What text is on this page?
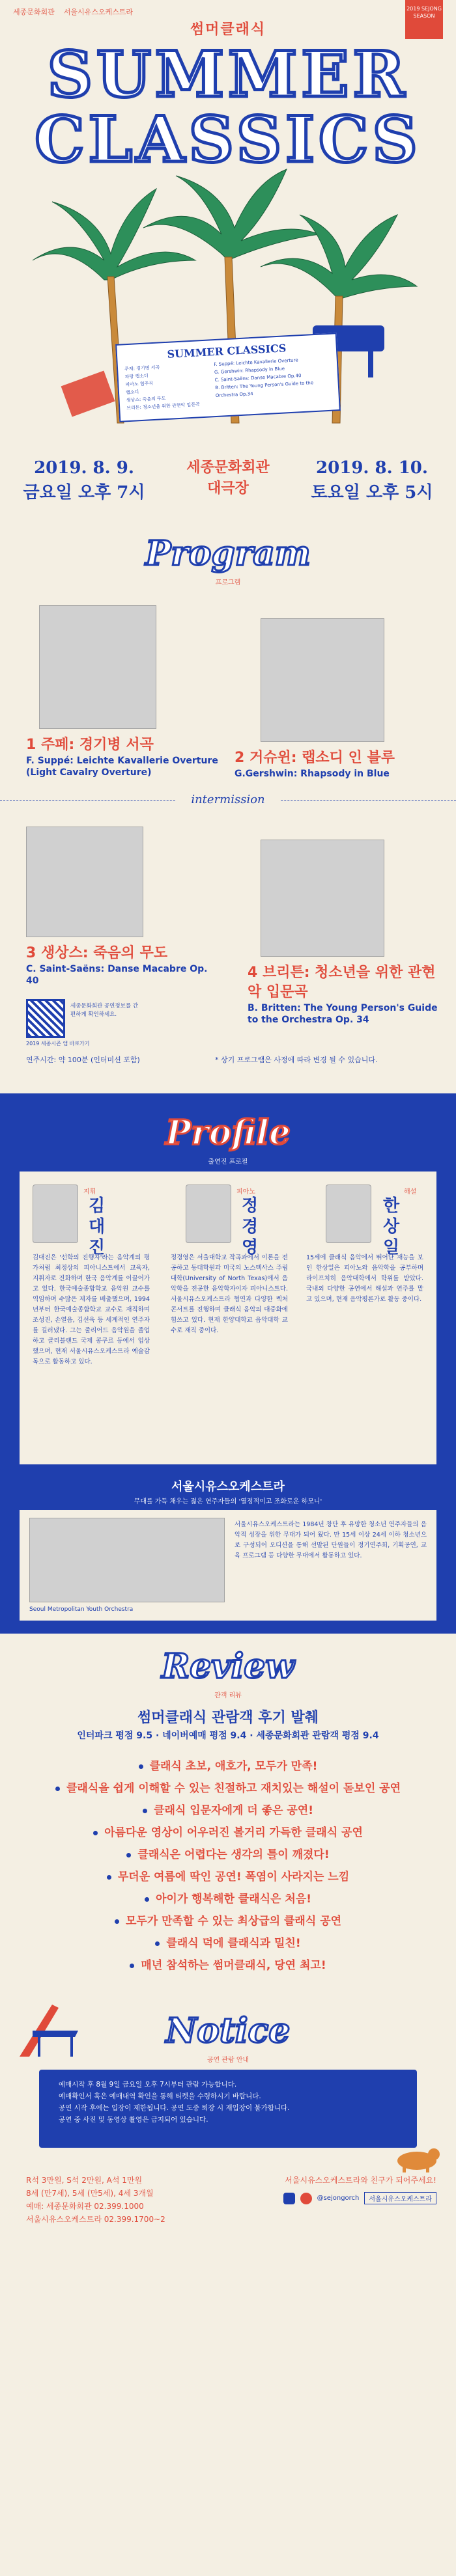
세종문화회관 서울시유스오케스트라	2019 SEJONG SEASON
썸머클래식
SUMMER
CLASSICS
SUMMER CLASSICS
주제: 경기병 서곡
파랑 랩소디
피아노 협주곡
랩소디
생상스: 죽음의 무도
브리튼: 청소년을 위한 관현악 입문곡
F. Suppé: Leichte Kavallerie Overture
G. Gershwin: Rhapsody in Blue
C. Saint-Saëns: Danse Macabre Op.40
B. Britten: The Young Person's Guide to the Orchestra Op.34
2019. 8. 9.
금요일 오후 7시
세종문화회관
대극장
2019. 8. 10.
토요일 오후 5시
Program
프로그램
1 주페: 경기병 서곡
F. Suppé: Leichte Kavallerie Overture (Light Cavalry Overture)
2 거슈윈: 랩소디 인 블루
G.Gershwin: Rhapsody in Blue
intermission
3 생상스: 죽음의 무도
C. Saint-Saëns: Danse Macabre Op. 40	4 브리튼: 청소년을 위한 관현악 입문곡
B. Britten: The Young Person's Guide to the Orchestra Op. 34
세종문화회관 공연정보를 간편하게 확인하세요.
2019 세종시즌 앱 바로가기
연주시간: 약 100분 (인터미션 포함)	* 상기 프로그램은 사정에 따라 변경 될 수 있습니다.
Profile
출연진 프로필
지휘
김대진
김대진은 '선학의 진행자'라는 음악계의 평가처럼 최정상의 피아니스트에서 교육자, 지휘자로 진화하며 한국 음악계를 이끌어가고 있다. 한국예술종합학교 음악원 교수를 역임하며 수많은 제자를 배출했으며, 1994년부터 한국예술종합학교 교수로 재직하며 조성진, 손열음, 김선욱 등 세계적인 연주자를 길러냈다. 그는 줄리어드 음악원을 졸업하고 클리블랜드 국제 콩쿠르 등에서 입상했으며, 현재 서울시유스오케스트라 예술감독으로 활동하고 있다.
피아노
정경영
정경영은 서울대학교 작곡과에서 이론을 전공하고 동대학원과 미국의 노스텍사스 주립대학(University of North Texas)에서 음악학을 전공한 음악학자이자 피아니스트다. 서울시유스오케스트라 협연과 다양한 렉처 콘서트를 진행하며 클래식 음악의 대중화에 힘쓰고 있다. 현재 한양대학교 음악대학 교수로 재직 중이다.
해설
한상일
15세에 클래식 음악에서 뛰어난 재능을 보인 한상일은 피아노와 음악학을 공부하며 라이프치히 음악대학에서 학위를 받았다. 국내외 다양한 공연에서 해설과 연주를 맡고 있으며, 현재 음악평론가로 활동 중이다.
서울시유스오케스트라
무대를 가득 채우는 젊은 연주자들의 '열정적이고 조화로운 하모니'
Seoul Metropolitan Youth Orchestra
서울시유스오케스트라는 1984년 창단 후 유망한 청소년 연주자들의 음악적 성장을 위한 무대가 되어 왔다. 만 15세 이상 24세 이하 청소년으로 구성되어 오디션을 통해 선발된 단원들이 정기연주회, 기획공연, 교육 프로그램 등 다양한 무대에서 활동하고 있다.
Review
관객 리뷰
썸머클래식 관람객 후기 발췌
인터파크 평점 9.5 · 네이버예매 평점 9.4 · 세종문화회관 관람객 평점 9.4
클래식 초보, 애호가, 모두가 만족!
클래식을 쉽게 이해할 수 있는 친절하고 재치있는 해설이 돋보인 공연
클래식 입문자에게 더 좋은 공연!
아름다운 영상이 어우러진 볼거리 가득한 클래식 공연
클래식은 어렵다는 생각의 틀이 깨졌다!
무더운 여름에 딱인 공연! 폭염이 사라지는 느낌
아이가 행복해한 클래식은 처음!
모두가 만족할 수 있는 최상급의 클래식 공연
클래식 덕에 클래식과 밀친!
매년 참석하는 썸머클래식, 당연 최고!
Notice
공연 관람 안내
예매시작 후 8월 9일 금요일 오후 7시부터 관람 가능합니다.
예매확인서 혹은 예매내역 확인을 통해 티켓을 수령하시기 바랍니다.
공연 시작 후에는 입장이 제한됩니다. 공연 도중 퇴장 시 재입장이 불가합니다.
공연 중 사진 및 동영상 촬영은 금지되어 있습니다.
R석 3만원, S석 2만원, A석 1만원
8세 (만7세), 5세 (만5세), 4세 3개월
예매: 세종문화회관 02.399.1000
서울시유스오케스트라 02.399.1700~2
서울시유스오케스트라와 친구가 되어주세요!
@sejongorch	서울시유스오케스트라
